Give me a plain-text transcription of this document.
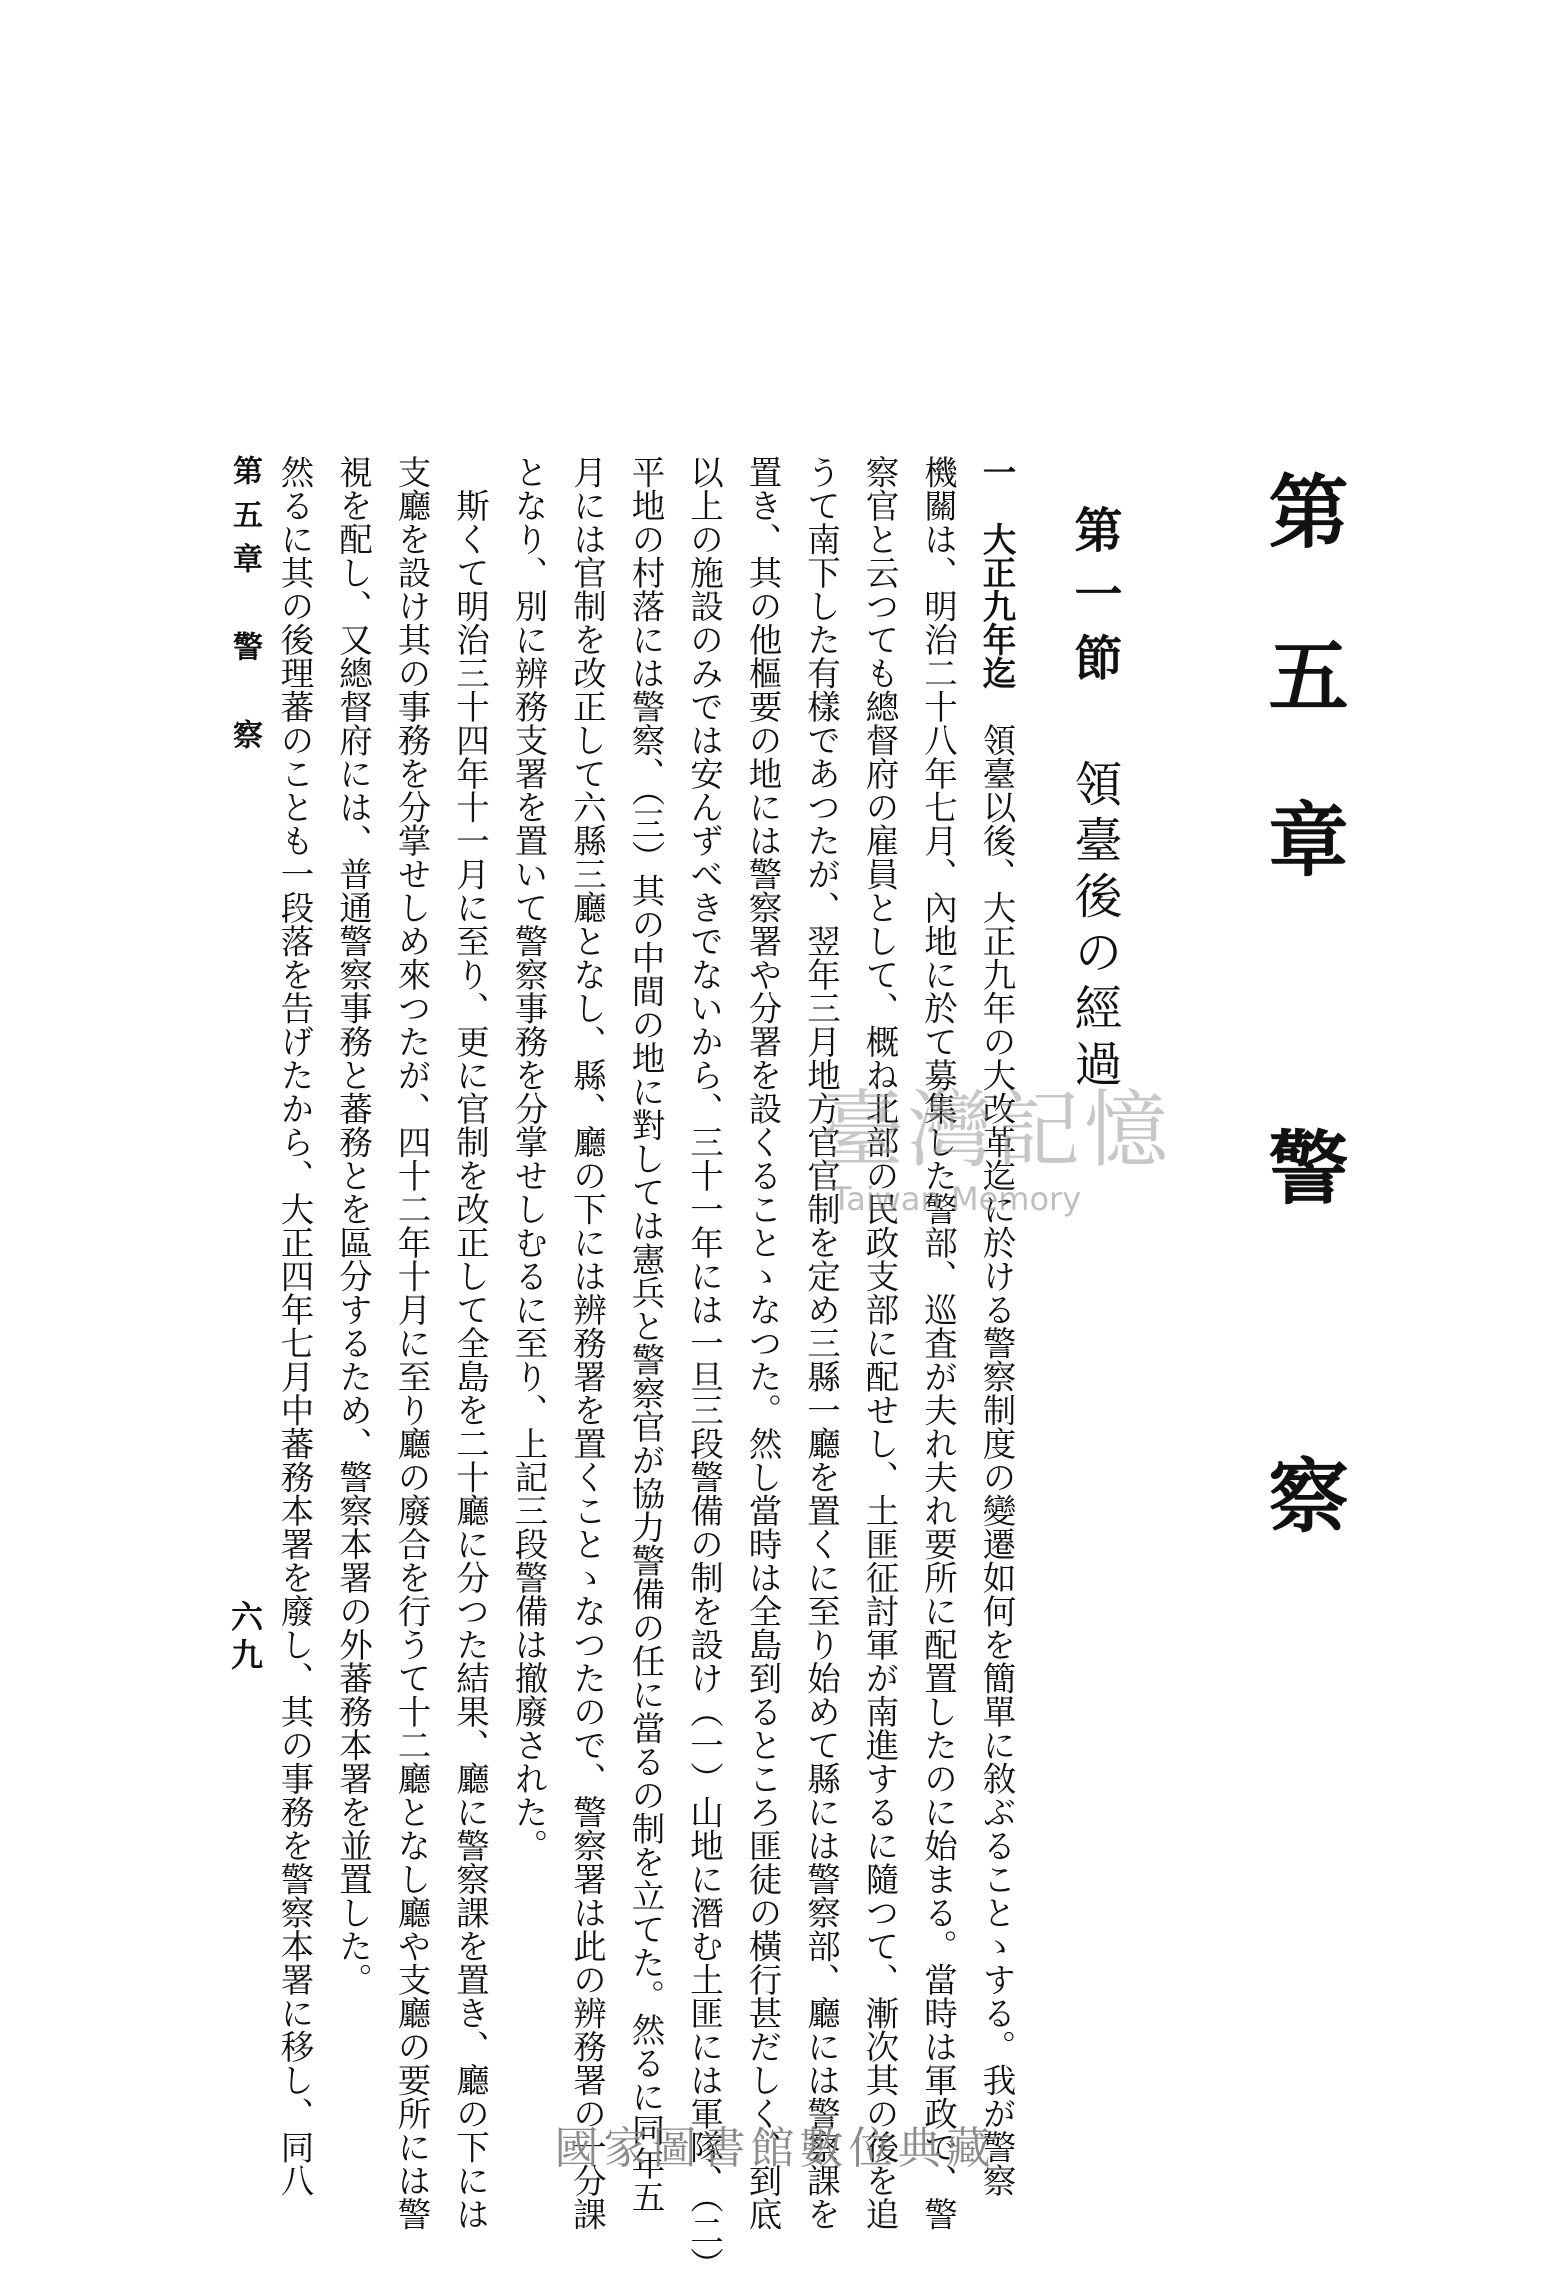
第五章　警　察
第一節領臺後の經過
一　大正九年迄　領臺以後、大正九年の大改革迄に於ける警察制度の變遷如何を簡單に敘ぶることゝする。我が警察
機關は、明治二十八年七月、內地に於て募集した警部、巡査が夫れ夫れ要所に配置したのに始まる。當時は軍政で、警
察官と云つても總督府の雇員として、概ね北部の民政支部に配せし、土匪征討軍が南進するに隨つて、漸次其の後を追
うて南下した有樣であつたが、翌年三月地方官官制を定め三縣一廳を置くに至り始めて縣には警察部、廳には警察課を
置き、其の他樞要の地には警察署や分署を設くることゝなつた。然し當時は全島到るところ匪徒の橫行甚だしく、到底
以上の施設のみでは安んずべきでないから、三十一年には一旦三段警備の制を設け（一）山地に潛む土匪には軍隊、（二）
平地の村落には警察、（三）其の中間の地に對しては憲兵と警察官が協力警備の任に當るの制を立てた。然るに同年五
月には官制を改正して六縣三廳となし、縣、廳の下には辨務署を置くことゝなつたので、警察署は此の辨務署の一分課
となり、別に辨務支署を置いて警察事務を分掌せしむるに至り、上記三段警備は撤廢された。
　斯くて明治三十四年十一月に至り、更に官制を改正して全島を二十廳に分つた結果、廳に警察課を置き、廳の下には
支廳を設け其の事務を分掌せしめ來つたが、四十二年十月に至り廳の廢合を行うて十二廳となし廳や支廳の要所には警
視を配し、又總督府には、普通警察事務と蕃務とを區分するため、警察本署の外蕃務本署を並置した。
然るに其の後理蕃のことも一段落を告げたから、大正四年七月中蕃務本署を廢し、其の事務を警察本署に移し、同八
第五章　警　察
六九
臺灣記憶
Taiwan Memory
國家圖書館數位典藏
